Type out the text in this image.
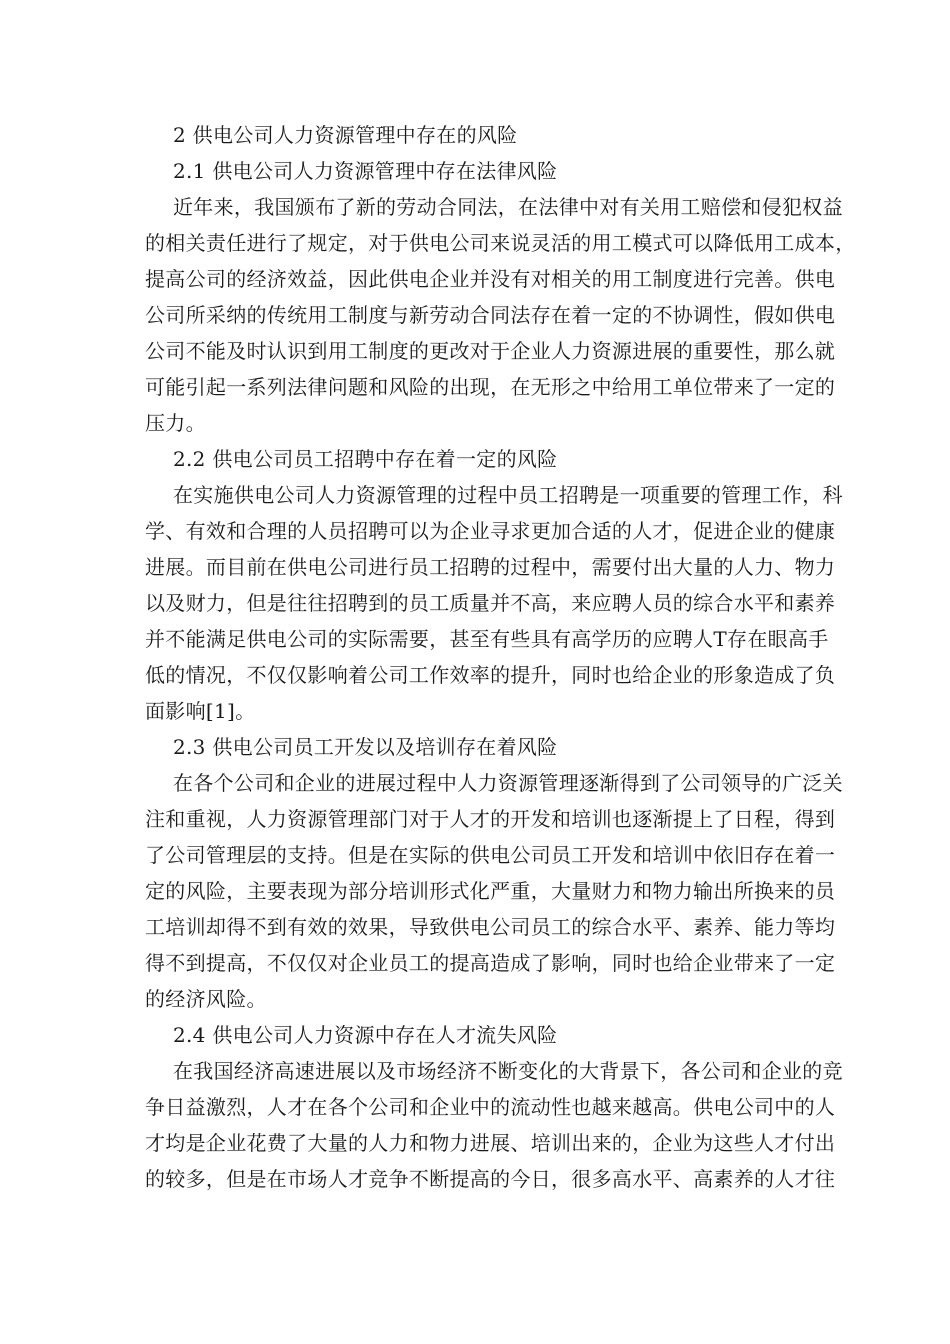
2 供电公司人力资源管理中存在的风险
2.1 供电公司人力资源管理中存在法律风险
近年来，我国颁布了新的劳动合同法，在法律中对有关用工赔偿和侵犯权益
的相关责任进行了规定，对于供电公司来说灵活的用工模式可以降低用工成本，
提高公司的经济效益，因此供电企业并没有对相关的用工制度进行完善。供电
公司所采纳的传统用工制度与新劳动合同法存在着一定的不协调性，假如供电
公司不能及时认识到用工制度的更改对于企业人力资源进展的重要性，那么就
可能引起一系列法律问题和风险的出现，在无形之中给用工单位带来了一定的
压力。
2.2 供电公司员工招聘中存在着一定的风险
在实施供电公司人力资源管理的过程中员工招聘是一项重要的管理工作，科
学、有效和合理的人员招聘可以为企业寻求更加合适的人才，促进企业的健康
进展。而目前在供电公司进行员工招聘的过程中，需要付出大量的人力、物力
以及财力，但是往往招聘到的员工质量并不高，来应聘人员的综合水平和素养
并不能满足供电公司的实际需要，甚至有些具有高学历的应聘人T存在眼高手
低的情况，不仅仅影响着公司工作效率的提升，同时也给企业的形象造成了负
面影响[1]。
2.3 供电公司员工开发以及培训存在着风险
在各个公司和企业的进展过程中人力资源管理逐渐得到了公司领导的广泛关
注和重视，人力资源管理部门对于人才的开发和培训也逐渐提上了日程，得到
了公司管理层的支持。但是在实际的供电公司员工开发和培训中依旧存在着一
定的风险，主要表现为部分培训形式化严重，大量财力和物力输出所换来的员
工培训却得不到有效的效果，导致供电公司员工的综合水平、素养、能力等均
得不到提高，不仅仅对企业员工的提高造成了影响，同时也给企业带来了一定
的经济风险。
2.4 供电公司人力资源中存在人才流失风险
在我国经济高速进展以及市场经济不断变化的大背景下，各公司和企业的竞
争日益激烈，人才在各个公司和企业中的流动性也越来越高。供电公司中的人
才均是企业花费了大量的人力和物力进展、培训出来的，企业为这些人才付出
的较多，但是在市场人才竞争不断提高的今日，很多高水平、高素养的人才往
